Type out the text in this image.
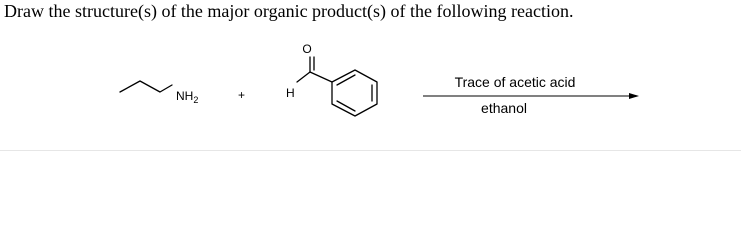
Draw the structure(s) of the major organic product(s) of the following reaction.
$NH_2$	+
O
H
Trace of acetic acid
ethanol
